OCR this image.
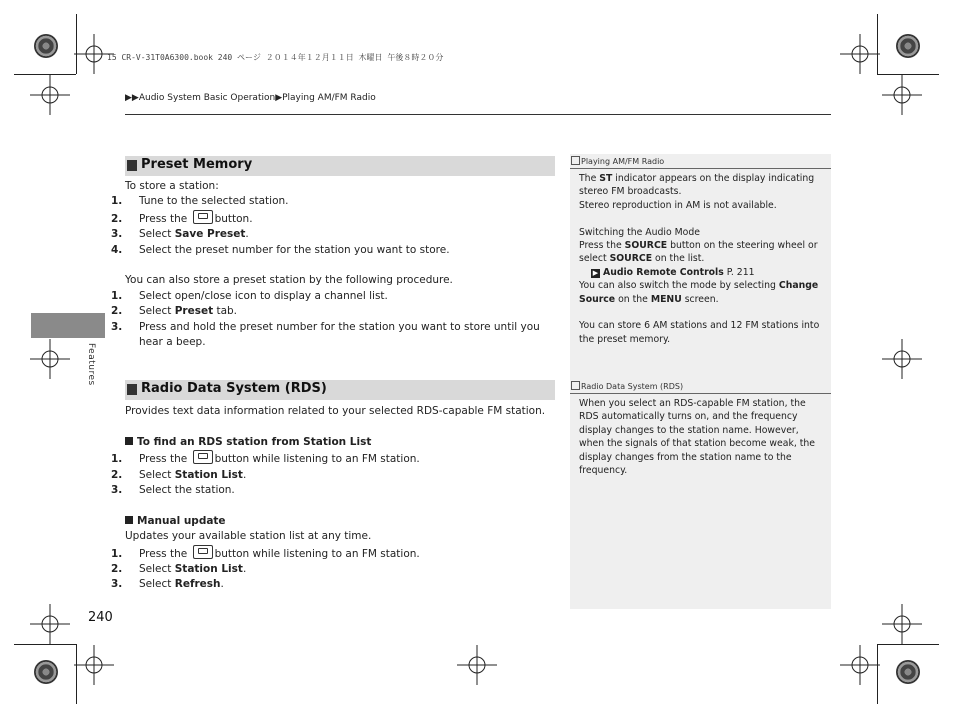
15 CR-V-31T0A6300.book 240 ページ ２０１４年１２月１１日 木曜日 午後８時２０分
▶▶Audio System Basic Operation▶Playing AM/FM Radio
Features
Preset Memory

To store a station:

1. Tune to the selected station.

2. Press the	button.

3. Select Save Preset.

4. Select the preset number for the station you want to store.

You can also store a preset station by the following procedure.

1. Select open/close icon to display a channel list.

2. Select Preset tab.

3. Press and hold the preset number for the station you want to store until you hear a beep.

Radio Data System (RDS)

Provides text data information related to your selected RDS-capable FM station.

To find an RDS station from Station List

1. Press the	button while listening to an FM station.

2. Select Station List.

3. Select the station.

Manual update

Updates your available station list at any time.

1. Press the	button while listening to an FM station.

2. Select Station List.

3. Select Refresh.

Playing AM/FM Radio

The ST indicator appears on the display indicating stereo FM broadcasts.

Stereo reproduction in AM is not available.

Switching the Audio Mode

Press the SOURCE button on the steering wheel or select SOURCE on the list.

▶ Audio Remote Controls P. 211

You can also switch the mode by selecting Change Source on the MENU screen.

You can store 6 AM stations and 12 FM stations into the preset memory.

Radio Data System (RDS)

When you select an RDS-capable FM station, the RDS automatically turns on, and the frequency display changes to the station name. However, when the signals of that station become weak, the display changes from the station name to the frequency.

240
